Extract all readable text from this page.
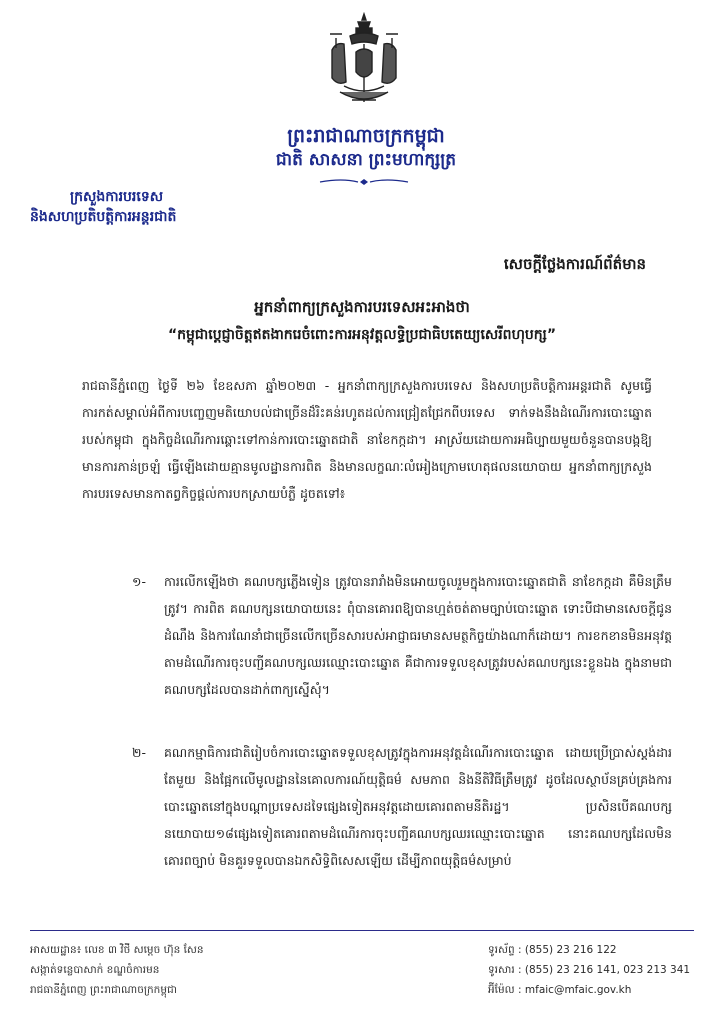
ព្រះរាជាណាចក្រកម្ពុជា
ជាតិ សាសនា ព្រះមហាក្សត្រ
ក្រសួងការបរទេស
និងសហប្រតិបត្តិការអន្តរជាតិ
សេចក្តីថ្លែងការណ៍ព័ត៌មាន
អ្នកនាំពាក្យក្រសួងការបរទេសអះអាងថា
“កម្ពុជាប្តេជ្ញាចិត្តឥតងាករេចំពោះការអនុវត្តលទ្ធិប្រជាធិបតេយ្យសេរីពហុបក្ស”

រាជធានីភ្នំពេញ ថ្ងៃទី ២៦ ខែឧសភា ឆ្នាំ២០២៣ - អ្នកនាំពាក្យក្រសួងការបរទេស និងសហប្រតិបត្តិការអន្តរជាតិ សូមធ្វើការកត់សម្គាល់អំពីការបញ្ចេញមតិយោបល់ជាច្រើនដ៏រិះគន់រហូតដល់ការជ្រៀតជ្រែកពីបរទេស ទាក់ទងនឹងដំណើរការបោះឆ្នោតរបស់កម្ពុជា ក្នុងកិច្ចដំណើរការឆ្ពោះទៅកាន់ការបោះឆ្នោតជាតិ នាខែកក្កដា។ អាស្រ័យដោយការអធិប្បាយមួយចំនួនបានបង្កឱ្យមានការភាន់ច្រឡំ ធ្វើឡើងដោយគ្មានមូលដ្ឋានការពិត និងមានលក្ខណៈលំអៀងក្រោមហេតុផលនយោបាយ អ្នកនាំពាក្យក្រសួងការបរទេសមានកាតព្វកិច្ចផ្តល់ការបកស្រាយបំភ្លឺ ដូចតទៅ៖

១-	ការលើកឡើងថា គណបក្សភ្លើងទៀន ត្រូវបានរារាំងមិនអោយចូលរួមក្នុងការបោះឆ្នោតជាតិ នាខែកក្កដា គឺមិនត្រឹមត្រូវ។ ការពិត គណបក្សនយោបាយនេះ ពុំបានគោរពឱ្យបានហ្មត់ចត់តាមច្បាប់បោះឆ្នោត ទោះបីជាមានសេចក្តីជូនដំណឹង និងការណែនាំជាច្រើនលើកច្រើនសារបស់អាជ្ញាធរមានសមត្ថកិច្ចយ៉ាងណាក៏ដោយ។ ការខកខានមិនអនុវត្តតាមដំណើរការចុះបញ្ជីគណបក្សឈរឈ្មោះបោះឆ្នោត គឺជាការទទួលខុសត្រូវរបស់គណបក្សនេះខ្លួនឯង ក្នុងនាមជាគណបក្សដែលបានដាក់ពាក្យស្នើសុំ។
២-	គណកម្មាធិការជាតិរៀបចំការបោះឆ្នោតទទួលខុសត្រូវក្នុងការអនុវត្តដំណើរការបោះឆ្នោត ដោយប្រើប្រាស់ស្តង់ដារតែមួយ និងផ្អែកលើមូលដ្ឋាននៃគោលការណ៍យុត្តិធម៌ សមភាព និងនីតិវិធីត្រឹមត្រូវ ដូចដែលស្ថាប័នគ្រប់គ្រងការបោះឆ្នោតនៅក្នុងបណ្តាប្រទេសដទៃផ្សេងទៀតអនុវត្តដោយគោរពតាមនីតិរដ្ឋ។ ប្រសិនបើគណបក្សនយោបាយ១៨ផ្សេងទៀតគោរពតាមដំណើរការចុះបញ្ជីគណបក្សឈរឈ្មោះបោះឆ្នោត នោះគណបក្សដែលមិនគោរពច្បាប់ មិនគួរទទួលបានឯកសិទ្ធិពិសេសឡើយ ដើម្បីភាពយុត្តិធម៌សម្រាប់
អាសយដ្ឋាន៖ លេខ ៣ វិថី សម្តេច ហ៊ុន សែន
សង្កាត់ទន្លេបាសាក់ ខណ្ឌចំការមន
រាជធានីភ្នំពេញ ព្រះរាជាណាចក្រកម្ពុជា
ទូរស័ព្ទ : (855) 23 216 122
ទូរសារ : (855) 23 216 141, 023 213 341
អ៊ីម៉ែល : mfaic@mfaic.gov.kh
